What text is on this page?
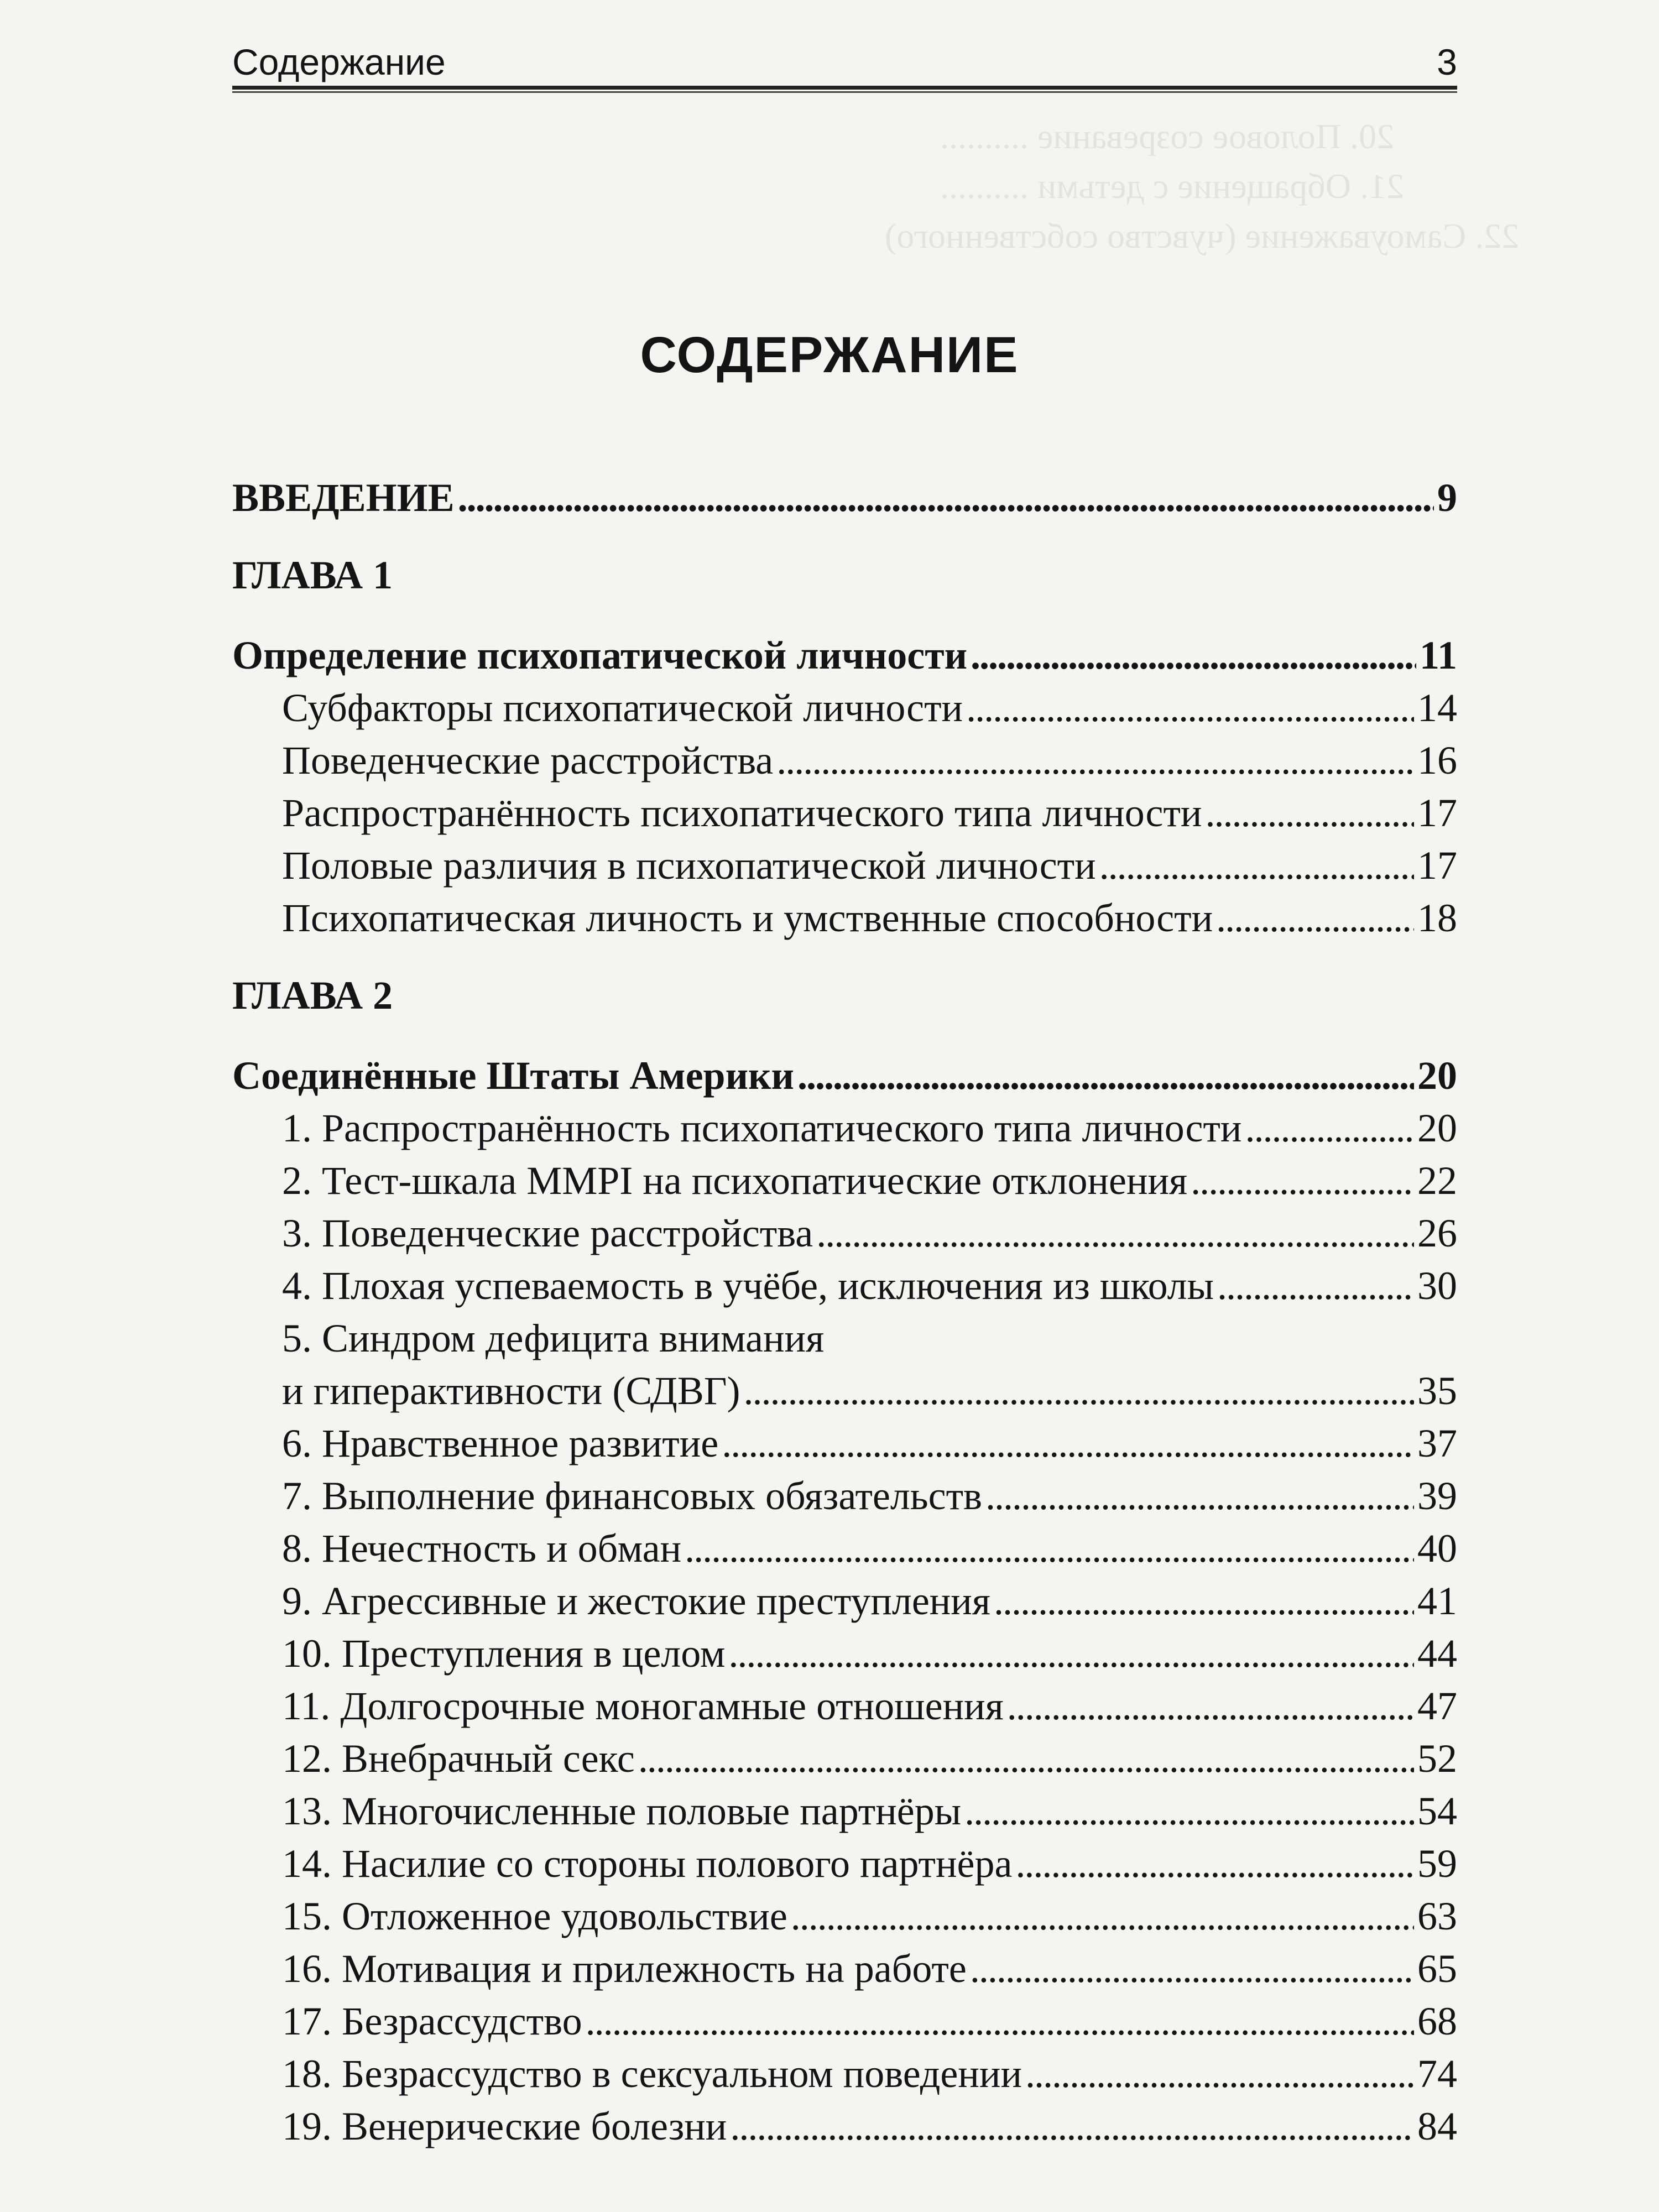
20. Половое созревание ..........
21. Обращение с детьми ..........
22. Самоуважение (чувство собственного)
Содержание	3
СОДЕРЖАНИЕ
ВВЕДЕНИЕ . . .	9
ГЛАВА 1
Определение психопатической личности . . .	11
Субфакторы психопатической личности . . .	14
Поведенческие расстройства . . .	16
Распространённость психопатического типа личности . . .	17
Половые различия в психопатической личности . . .	17
Психопатическая личность и умственные способности . . .	18
ГЛАВА 2
Соединённые Штаты Америки . . .	20
1. Распространённость психопатического типа личности . . .	20
2. Тест-шкала MMPI на психопатические отклонения . . .	22
3. Поведенческие расстройства . . .	26
4. Плохая успеваемость в учёбе, исключения из школы . . .	30
5. Синдром дефицита внимания
и гиперактивности (СДВГ) . . .	35
6. Нравственное развитие . . .	37
7. Выполнение финансовых обязательств . . .	39
8. Нечестность и обман . . .	40
9. Агрессивные и жестокие преступления . . .	41
10. Преступления в целом . . .	44
11. Долгосрочные моногамные отношения . . .	47
12. Внебрачный секс . . .	52
13. Многочисленные половые партнёры . . .	54
14. Насилие со стороны полового партнёра . . .	59
15. Отложенное удовольствие . . .	63
16. Мотивация и прилежность на работе . . .	65
17. Безрассудство . . .	68
18. Безрассудство в сексуальном поведении . . .	74
19. Венерические болезни . . .	84
